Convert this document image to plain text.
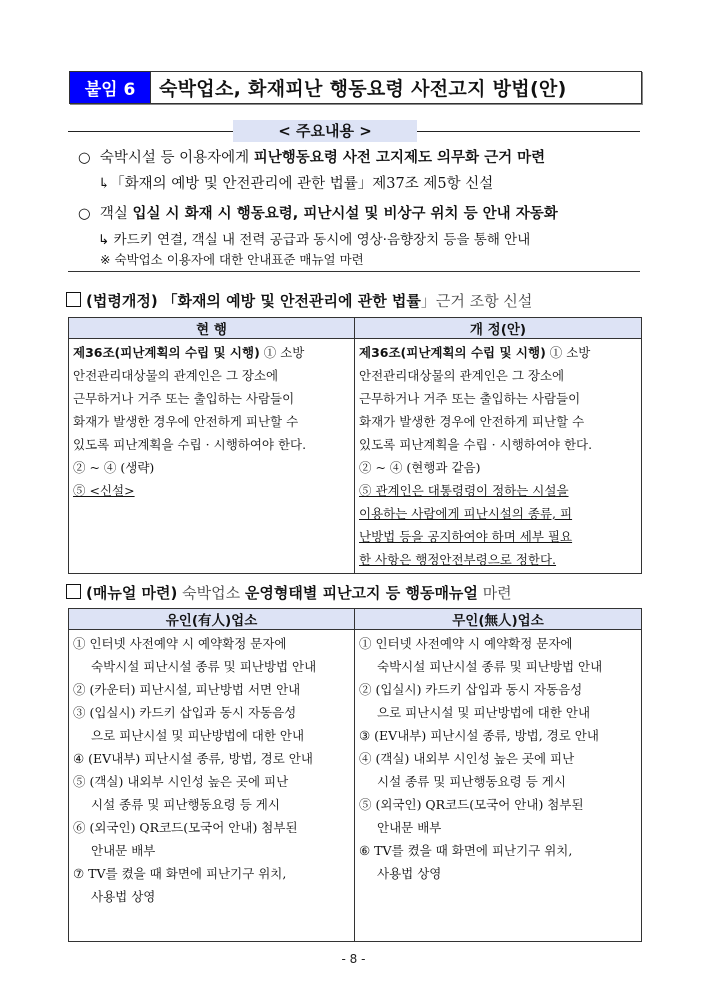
붙임 6	숙박업소, 화재피난 행동요령 사전고지 방법(안)
< 주요내용 >
○ 숙박시설 등 이용자에게 피난행동요령 사전 고지제도 의무화 근거 마련
↳「화재의 예방 및 안전관리에 관한 법률」제37조 제5항 신설
○ 객실 입실 시 화재 시 행동요령, 피난시설 및 비상구 위치 등 안내 자동화
↳ 카드키 연결, 객실 내 전력 공급과 동시에 영상·음향장치 등을 통해 안내
※ 숙박업소 이용자에 대한 안내표준 매뉴얼 마련
(법령개정) 「화재의 예방 및 안전관리에 관한 법률」근거 조항 신설
현 행	개 정(안)

제36조(피난계획의 수립 및 시행) ① 소방
안전관리대상물의 관계인은 그 장소에
근무하거나 거주 또는 출입하는 사람들이
화재가 발생한 경우에 안전하게 피난할 수
있도록 피난계획을 수립 · 시행하여야 한다.
② ~ ④ (생략)
⑤ <신설>

제36조(피난계획의 수립 및 시행) ① 소방
안전관리대상물의 관계인은 그 장소에
근무하거나 거주 또는 출입하는 사람들이
화재가 발생한 경우에 안전하게 피난할 수
있도록 피난계획을 수립 · 시행하여야 한다.
② ~ ④ (현행과 같음)
⑤ 관계인은 대통령령이 정하는 시설을
이용하는 사람에게 피난시설의 종류, 피
난방법 등을 공지하여야 하며 세부 필요
한 사항은 행정안전부령으로 정한다.
(매뉴얼 마련) 숙박업소 운영형태별 피난고지 등 행동매뉴얼 마련
유인(有人)업소	무인(無人)업소

① 인터넷 사전예약 시 예약확정 문자에
숙박시설 피난시설 종류 및 피난방법 안내
② (카운터) 피난시설, 피난방법 서면 안내
③ (입실시) 카드키 삽입과 동시 자동음성
으로 피난시설 및 피난방법에 대한 안내
④ (EV내부) 피난시설 종류, 방법, 경로 안내
⑤ (객실) 내외부 시인성 높은 곳에 피난
시설 종류 및 피난행동요령 등 게시
⑥ (외국인) QR코드(모국어 안내) 첨부된
안내문 배부
⑦ TV를 켰을 때 화면에 피난기구 위치,
사용법 상영

① 인터넷 사전예약 시 예약확정 문자에
숙박시설 피난시설 종류 및 피난방법 안내
② (입실시) 카드키 삽입과 동시 자동음성
으로 피난시설 및 피난방법에 대한 안내
③ (EV내부) 피난시설 종류, 방법, 경로 안내
④ (객실) 내외부 시인성 높은 곳에 피난
시설 종류 및 피난행동요령 등 게시
⑤ (외국인) QR코드(모국어 안내) 첨부된
안내문 배부
⑥ TV를 켰을 때 화면에 피난기구 위치,
사용법 상영
- 8 -
